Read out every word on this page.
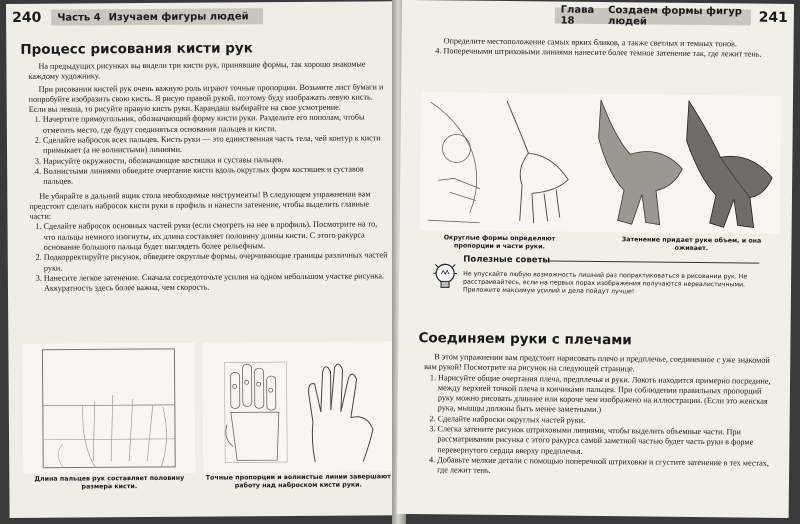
240 Часть 4 Изучаем фигуры людей
Процесс рисования кисти рук

На предыдущих рисунках вы видели три кисти рук, принявшие формы, так хорошо знакомые каждому художнику.

При рисовании кистей рук очень важную роль играют точные пропорции. Возьмите лист бумаги и попробуйте изобразить свою кисть. Я рисую правой рукой, поэтому буду изображать левую кисть. Если вы левша, то рисуйте правую кисть руки. Карандаш выбирайте на свое усмотрение.

1. Начертите прямоугольник, обозначающий форму кисти руки. Разделите его пополам, чтобы отметить место, где будут соединяться основания пальцев и кисти.
2. Сделайте набросок всех пальцев. Кисть руки — это единственная часть тела, чей контур к кисти примыкает (а не волнистыми) линиями.
3. Нарисуйте окружности, обозначающие костяшки и суставы пальцев.
4. Волнистыми линиями обведите очертание кисти вдоль округлых форм костяшек и суставов пальцев.

Не убирайте в дальний ящик стола необходимые инструменты! В следующем упражнении вам предстоит сделать набросок кисти руки в профиль и нанести затенение, чтобы выделить главные части:

1. Сделайте набросок основных частей руки (если смотреть на нее в профиль). Посмотрите на то, что пальцы немного изогнуты, их длина составляет половину длины кисти. С этого ракурса основание большого пальца будет выглядеть более рельефным.
2. Подкорректируйте рисунок, обведите округлые формы, очерчивающие границы различных частей руки.
3. Нанесите легкое затенение. Сначала сосредоточьте усилия на одном небольшом участке рисунка. Аккуратность здесь более важна, чем скорость.
Длина пальцев рук составляет половину размера кисти.
Точные пропорции и волнистые линии завершают работу над наброском кисти руки.
Глава 18
Создаем формы фигур людей	241

Определите местоположение самых ярких бликов, а также светлых и темных тонов.

4. Поперечными штриховыми линиями нанесите более темное затенение так, где лежит тень.
Округлые формы определяют пропорции и части руки.
Затенение придает руке объем, и она оживает.
Полезные советы
Не упускайте любую возможность лишний раз попрактиковаться в рисовании рук. Не расстраивайтесь, если на первых порах изображения получаются нереалистичными. Приложите максимум усилий и дела пойдут лучше!
Соединяем руки с плечами

В этом упражнении вам предстоит нарисовать плечо и предплечье, соединенное с уже знакомой вам рукой! Посмотрите на рисунок на следующей странице.

1. Нарисуйте общие очертания плеча, предплечья и руки. Локоть находится примерно посредине, между верхней точкой плеча и кончиками пальцев. При соблюдении правильных пропорций руку можно рисовать длиннее или короче чем изображено на иллюстрации. (Если это женская рука, мышцы должны быть менее заметными.)
2. Сделайте наброски округлых частей руки.
3. Слегка затените рисунок штриховыми линиями, чтобы выделить объемные части. При рассматривании рисунка с этого ракурса самой заметной частью будет часть руки в форме перевернутого сердца вверху предплечья.
4. Добавьте мелкие детали с помощью поперечной штриховки и сгустите затенение в тех местах, где лежит тень.
